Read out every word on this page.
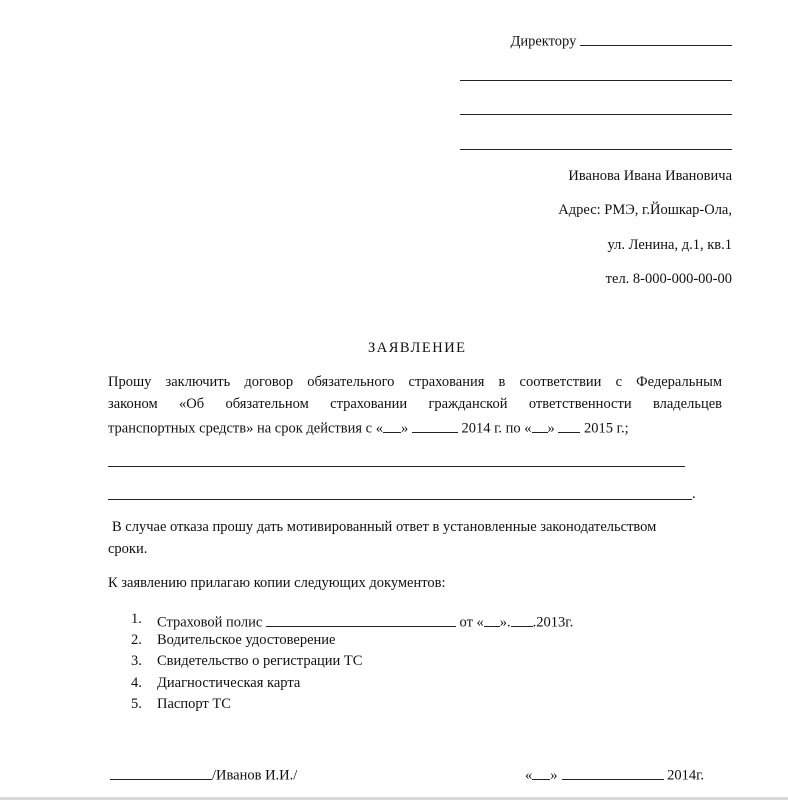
Директору
Иванова Ивана Ивановича
Адрес: РМЭ, г.Йошкар-Ола,
ул. Ленина, д.1, кв.1
тел. 8-000-000-00-00
ЗАЯВЛЕНИЕ
Прошу заключить договор обязательного страхования в соответствии с Федеральным
законом «Об обязательном страховании гражданской ответственности владельцев
транспортных средств» на срок действия с « »	2014 г. по « » 2015 г.;
.
В случае отказа прошу дать мотивированный ответ в установленные законодательством
сроки.
К заявлению прилагаю копии следующих документов:
1. Страховой полис	от « ». .2013г.
2. Водительское удостоверение
3. Свидетельство о регистрации ТС
4. Диагностическая карта
5. Паспорт ТС
/Иванов И.И./	« »	2014г.
